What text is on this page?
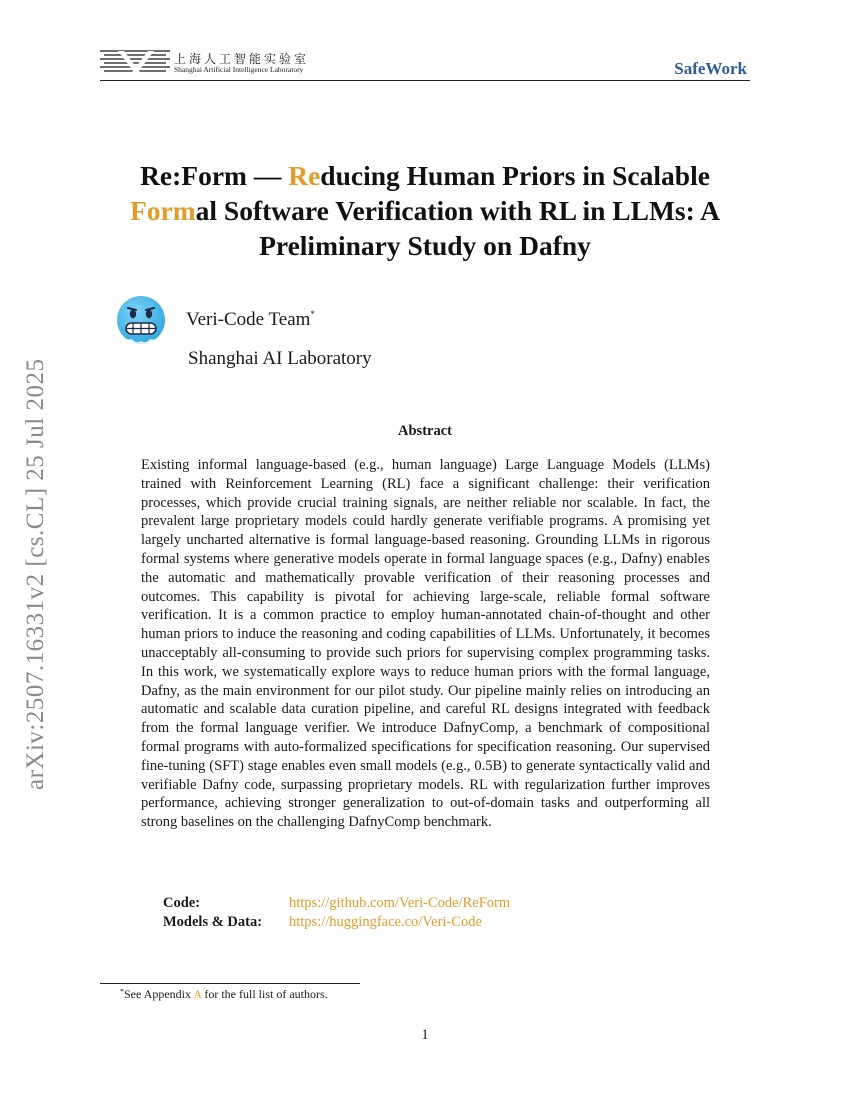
上海人工智能实验室
Shanghai Artificial Intelligence Laboratory	SafeWork
arXiv:2507.16331v2 [cs.CL] 25 Jul 2025
Re:Form — Reducing Human Priors in Scalable
Formal Software Verification with RL in LLMs: A
Preliminary Study on Dafny
Veri-Code Team*
Shanghai AI Laboratory
Abstract
Existing informal language-based (e.g., human language) Large Language Models (LLMs) trained with Reinforcement Learning (RL) face a significant challenge: their verification processes, which provide crucial training signals, are neither reliable nor scalable. In fact, the prevalent large proprietary models could hardly generate verifiable programs. A promising yet largely uncharted alternative is formal language-based reasoning. Grounding LLMs in rigorous formal systems where generative models operate in formal language spaces (e.g., Dafny) enables the automatic and mathematically provable verification of their reasoning processes and outcomes. This capability is pivotal for achieving large-scale, reliable formal software verification. It is a common practice to employ human-annotated chain-of-thought and other human priors to induce the reasoning and coding capabilities of LLMs. Unfortunately, it becomes unacceptably all-consuming to provide such priors for supervising complex programming tasks. In this work, we systematically explore ways to reduce human priors with the formal language, Dafny, as the main environment for our pilot study. Our pipeline mainly relies on introducing an automatic and scalable data curation pipeline, and careful RL designs integrated with feedback from the formal language verifier. We introduce DafnyComp, a benchmark of compositional formal programs with auto-formalized specifications for specification reasoning. Our supervised fine-tuning (SFT) stage enables even small models (e.g., 0.5B) to generate syntactically valid and verifiable Dafny code, surpassing proprietary models. RL with regularization further improves performance, achieving stronger generalization to out-of-domain tasks and outperforming all strong baselines on the challenging DafnyComp benchmark.
Code:	https://github.com/Veri-Code/ReForm
Models & Data: https://huggingface.co/Veri-Code
*See Appendix A for the full list of authors.
1
